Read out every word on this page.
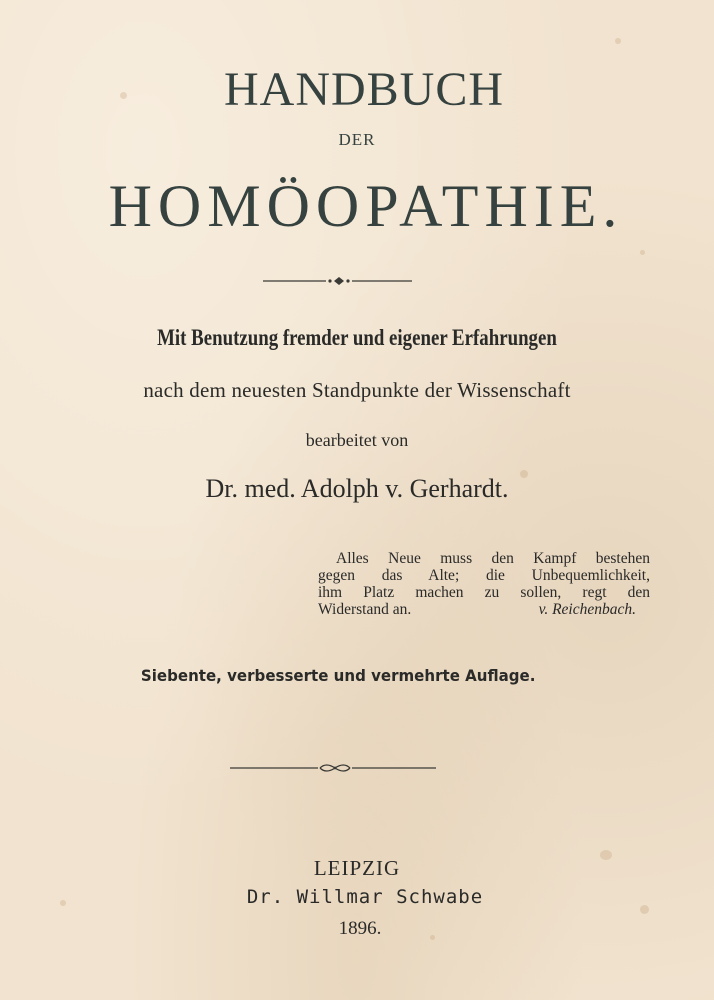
HANDBUCH
DER
HOMÖOPATHIE.
Mit Benutzung fremder und eigener Erfahrungen
nach dem neuesten Standpunkte der Wissenschaft
bearbeitet von
Dr. med. Adolph v. Gerhardt.
Alles Neue muss den Kampf bestehen
gegen das Alte; die Unbequemlichkeit,
ihm Platz machen zu sollen, regt den
Widerstand an.	v. Reichenbach.
Siebente, verbesserte und vermehrte Auflage.
LEIPZIG
Dr. Willmar Schwabe
1896.
